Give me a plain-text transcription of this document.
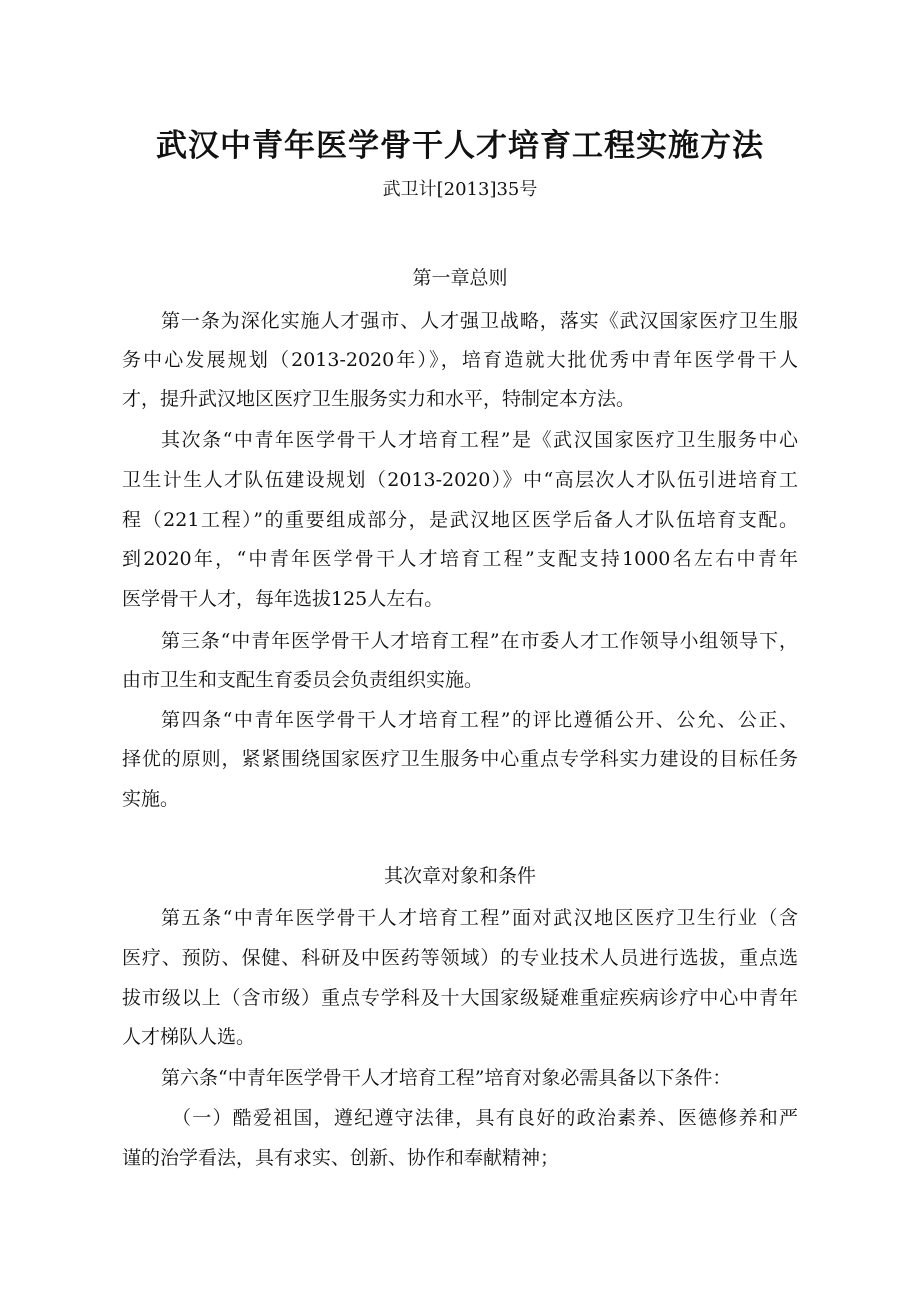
武汉中青年医学骨干人才培育工程实施方法
武卫计[2013]35号
第一章总则
第一条为深化实施人才强市、人才强卫战略，落实《武汉国家医疗卫生服
务中心发展规划（2013-2020年）》，培育造就大批优秀中青年医学骨干人
才，提升武汉地区医疗卫生服务实力和水平，特制定本方法。
其次条“中青年医学骨干人才培育工程”是《武汉国家医疗卫生服务中心
卫生计生人才队伍建设规划（2013-2020）》中“高层次人才队伍引进培育工
程（221工程）”的重要组成部分，是武汉地区医学后备人才队伍培育支配。
到2020年，“中青年医学骨干人才培育工程”支配支持1000名左右中青年
医学骨干人才，每年选拔125人左右。
第三条“中青年医学骨干人才培育工程”在市委人才工作领导小组领导下，
由市卫生和支配生育委员会负责组织实施。
第四条“中青年医学骨干人才培育工程”的评比遵循公开、公允、公正、
择优的原则，紧紧围绕国家医疗卫生服务中心重点专学科实力建设的目标任务
实施。
其次章对象和条件
第五条“中青年医学骨干人才培育工程”面对武汉地区医疗卫生行业（含
医疗、预防、保健、科研及中医药等领域）的专业技术人员进行选拔，重点选
拔市级以上（含市级）重点专学科及十大国家级疑难重症疾病诊疗中心中青年
人才梯队人选。
第六条“中青年医学骨干人才培育工程”培育对象必需具备以下条件：
（一）酷爱祖国，遵纪遵守法律，具有良好的政治素养、医德修养和严
谨的治学看法，具有求实、创新、协作和奉献精神；
